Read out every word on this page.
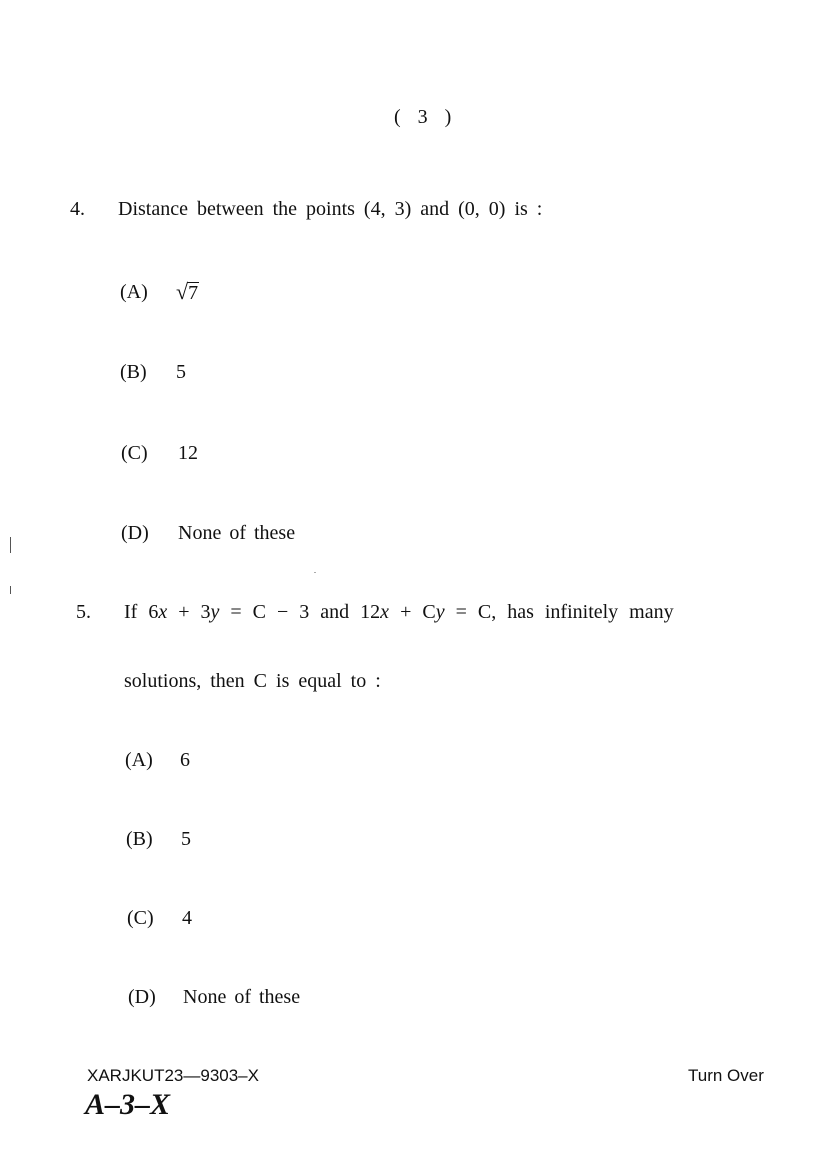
( 3 )
4. Distance between the points (4, 3) and (0, 0) is :
(A) √7
(B) 5
(C) 12
(D) None of these
5. If 6x + 3y = C − 3 and 12x + Cy = C, has infinitely many
solutions, then C is equal to :
(A) 6
(B) 5
(C) 4
(D) None of these
XARJKUT23—9303–X	Turn Over
A–3–X
